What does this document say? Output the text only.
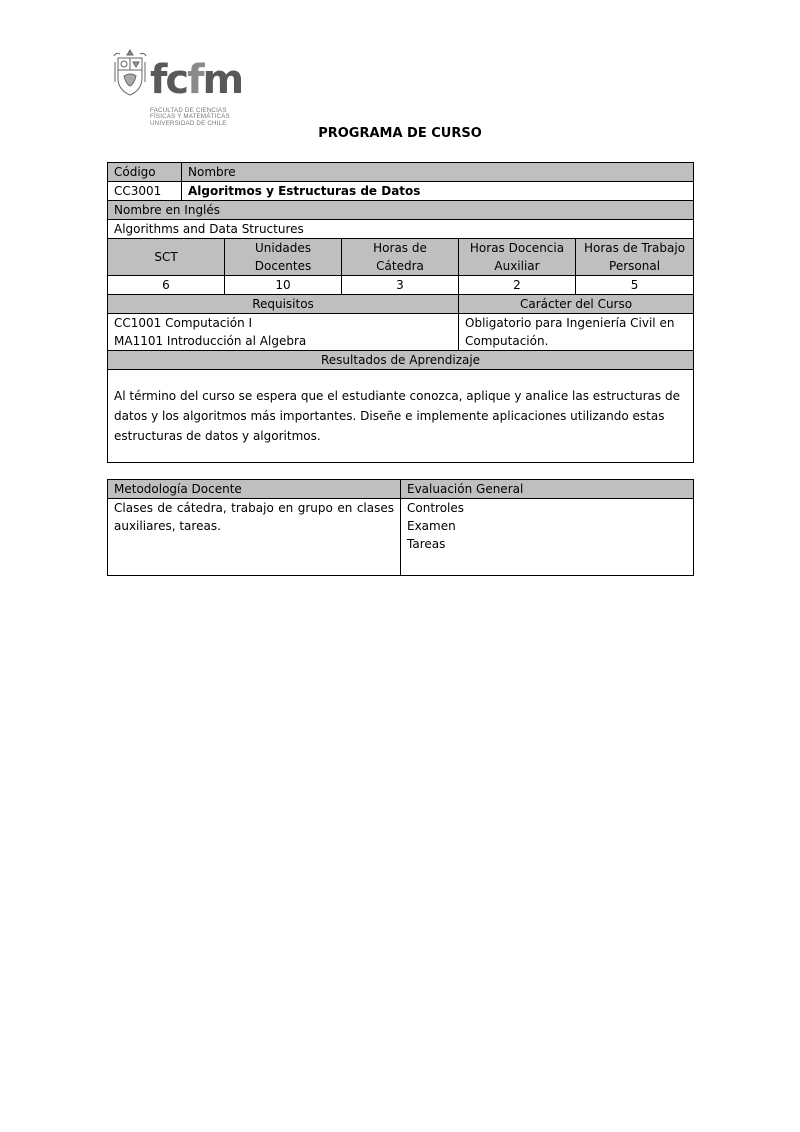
fcfm
FACULTAD DE CIENCIAS
FÍSICAS Y MATEMÁTICAS
UNIVERSIDAD DE CHILE
PROGRAMA DE CURSO
Código	Nombre				
CC3001	Algoritmos y Estructuras de Datos				
Nombre en Inglés					
Algorithms and Data Structures					
SCT		Unidades Docentes	Horas de Cátedra	Horas Docencia Auxiliar	Horas de Trabajo Personal
6		10	3	2	5
Requisitos				Carácter del Curso	

CC1001 Computación I
MA1101 Introducción al Algebra				Obligatorio para Ingeniería Civil en Computación.	
Resultados de Aprendizaje					
Al término del curso se espera que el estudiante conozca, aplique y analice las estructuras de datos y los algoritmos más importantes. Diseñe e implemente aplicaciones utilizando estas estructuras de datos y algoritmos.					
Metodología Docente	Evaluación General
Clases de cátedra, trabajo en grupo en clases auxiliares, tareas.	Controles
Examen
Tareas
